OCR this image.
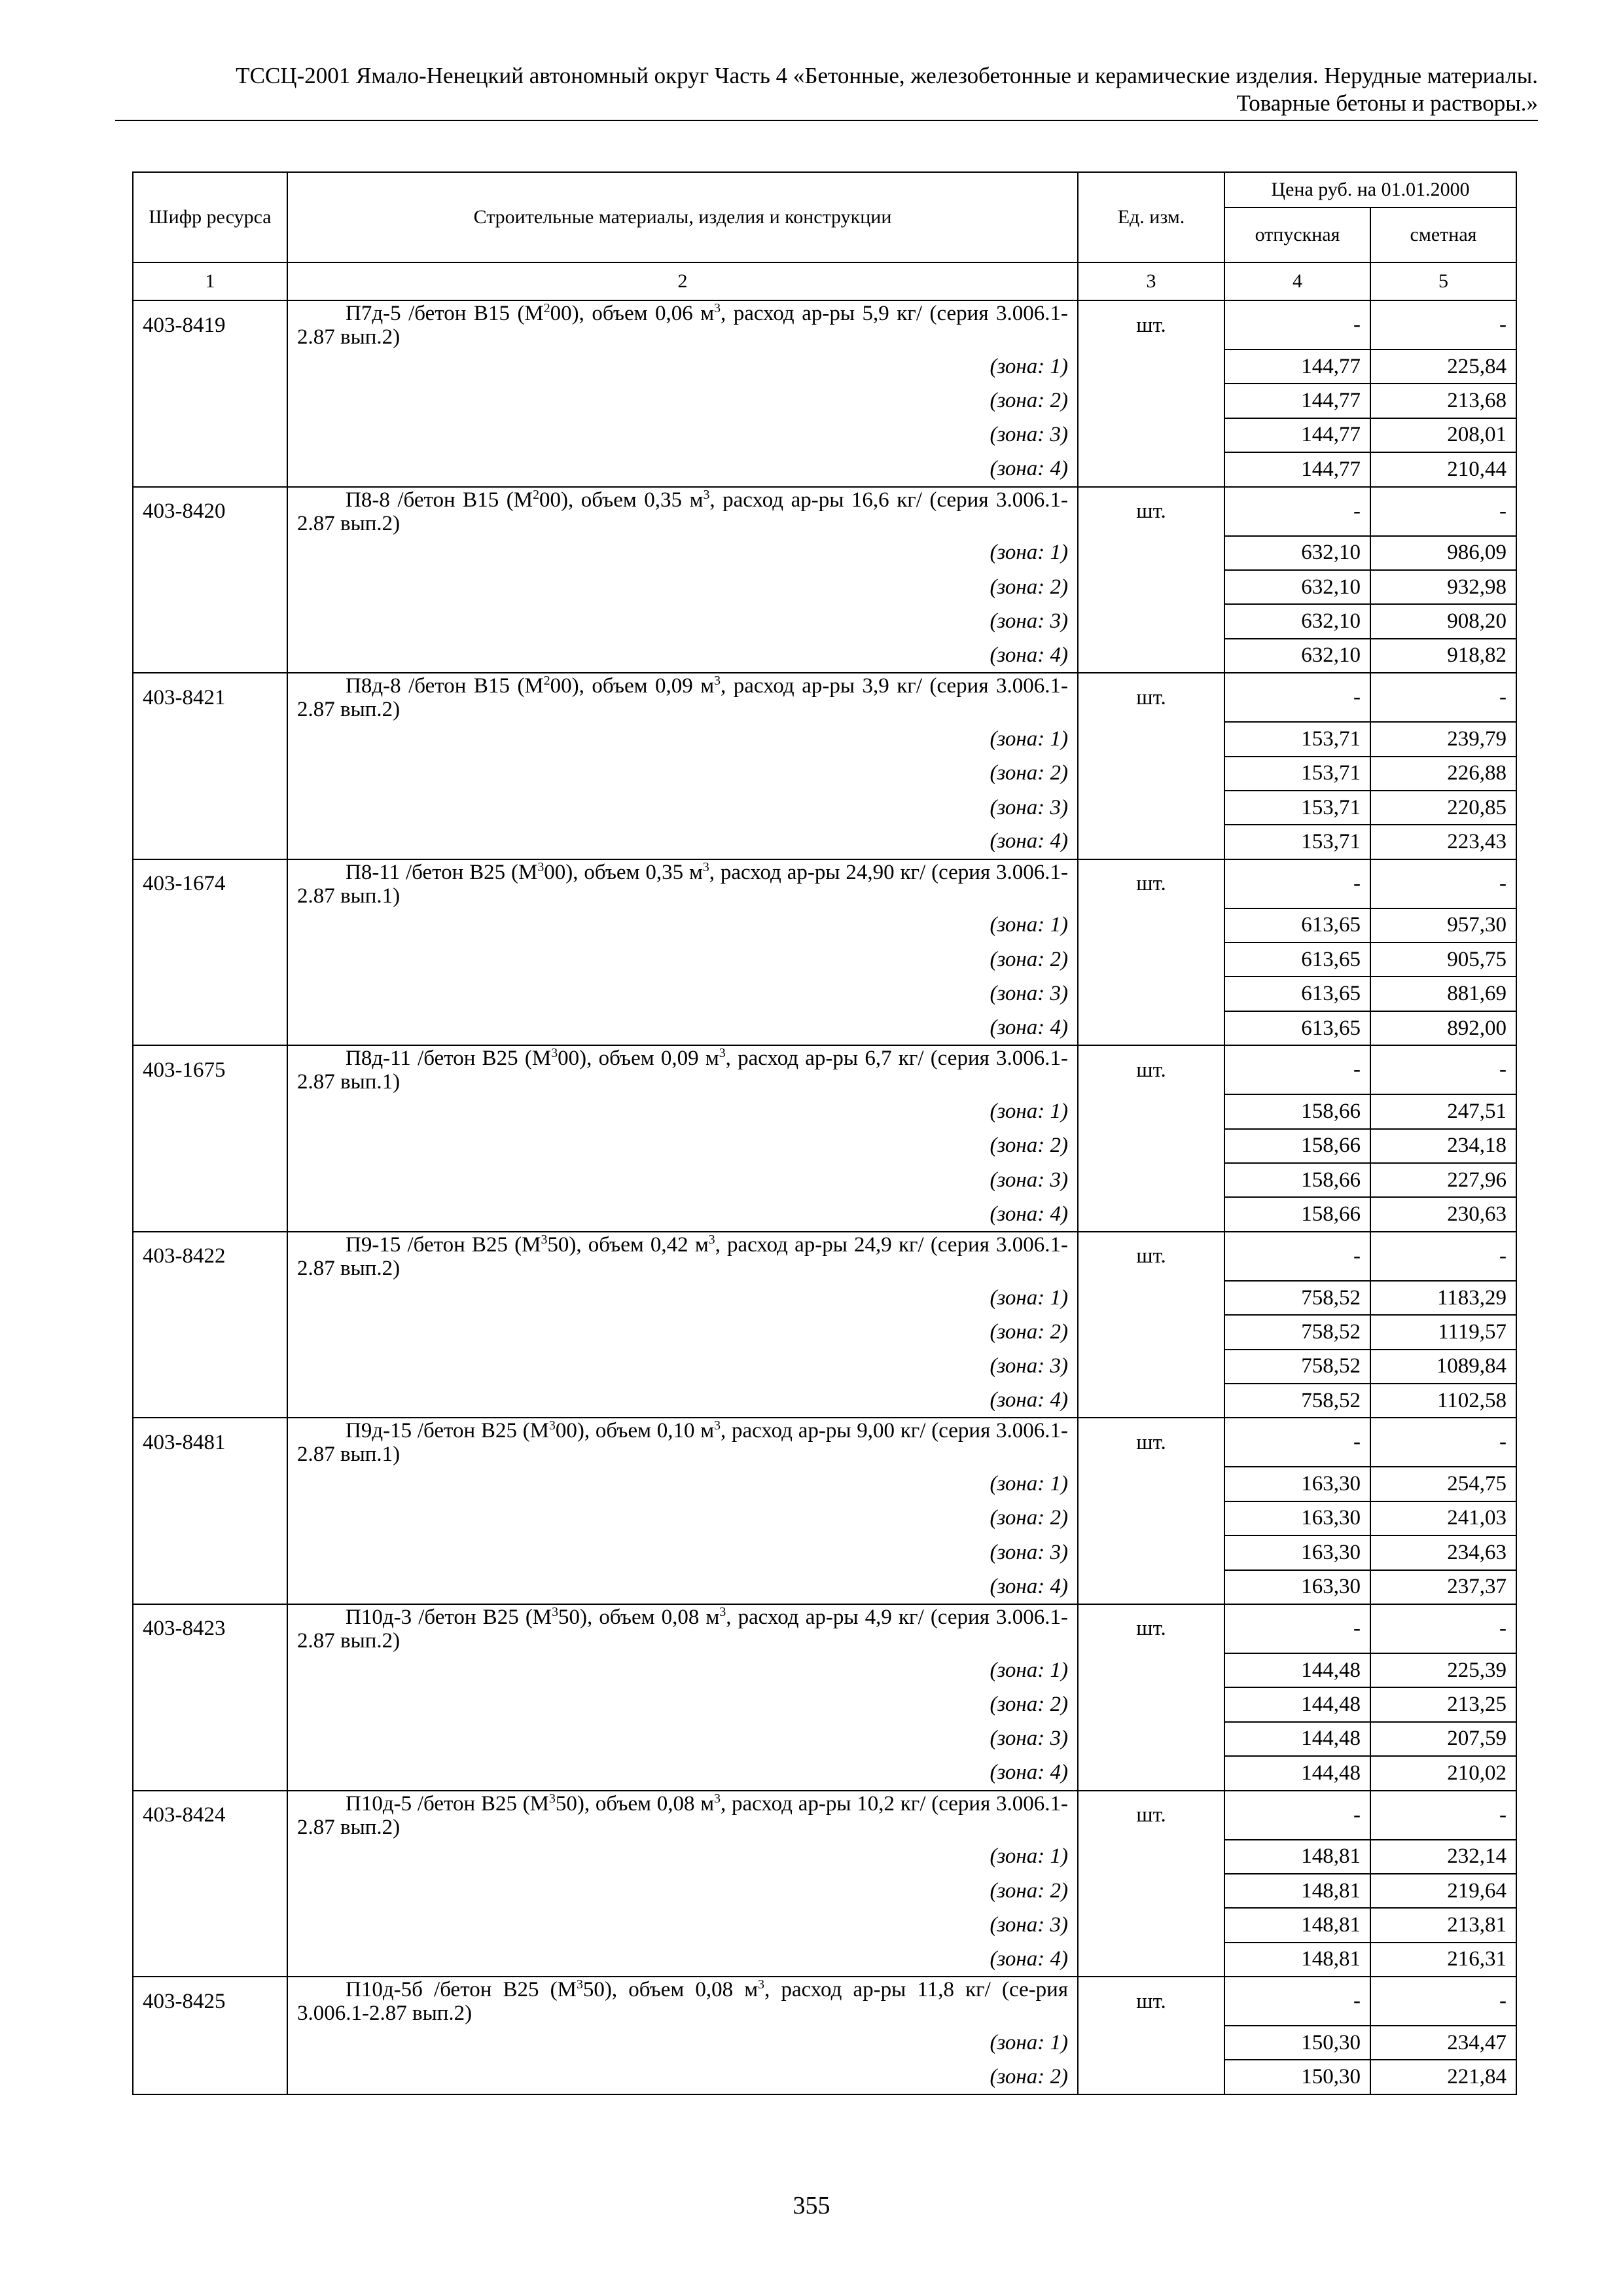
ТССЦ-2001 Ямало-Ненецкий автономный округ Часть 4 «Бетонные, железобетонные и керамические изделия. Нерудные материалы.
Товарные бетоны и растворы.»
Шифр ресурса	Строительные материалы, изделия и конструкции	Ед. изм.	Цена руб. на 01.01.2000	
			отпускная	сметная
1	2	3	4	5
403-8419	П7д-5 /бетон В15 $(М^200)$, объем 0,06 $м^3$, расход ар-ры 5,9 кг/ (серия 3.006.1-2.87 вып.2)	шт.	-	-
	(зона: 1)		144,77	225,84
	(зона: 2)		144,77	213,68
	(зона: 3)		144,77	208,01
	(зона: 4)		144,77	210,44
403-8420	П8-8 /бетон В15 $(М^200)$, объем 0,35 $м^3$, расход ар-ры 16,6 кг/ (серия 3.006.1-2.87 вып.2)	шт.	-	-
	(зона: 1)		632,10	986,09
	(зона: 2)		632,10	932,98
	(зона: 3)		632,10	908,20
	(зона: 4)		632,10	918,82
403-8421	П8д-8 /бетон В15 $(М^200)$, объем 0,09 $м^3$, расход ар-ры 3,9 кг/ (серия 3.006.1-2.87 вып.2)	шт.	-	-
	(зона: 1)		153,71	239,79
	(зона: 2)		153,71	226,88
	(зона: 3)		153,71	220,85
	(зона: 4)		153,71	223,43
403-1674	П8-11 /бетон В25 $(М^300)$, объем 0,35 $м^3$, расход ар-ры 24,90 кг/ (серия 3.006.1-2.87 вып.1)	шт.	-	-
	(зона: 1)		613,65	957,30
	(зона: 2)		613,65	905,75
	(зона: 3)		613,65	881,69
	(зона: 4)		613,65	892,00
403-1675	П8д-11 /бетон В25 $(М^300)$, объем 0,09 $м^3$, расход ар-ры 6,7 кг/ (серия 3.006.1-2.87 вып.1)	шт.	-	-
	(зона: 1)		158,66	247,51
	(зона: 2)		158,66	234,18
	(зона: 3)		158,66	227,96
	(зона: 4)		158,66	230,63
403-8422	П9-15 /бетон В25 $(М^350)$, объем 0,42 $м^3$, расход ар-ры 24,9 кг/ (серия 3.006.1-2.87 вып.2)	шт.	-	-
	(зона: 1)		758,52	1183,29
	(зона: 2)		758,52	1119,57
	(зона: 3)		758,52	1089,84
	(зона: 4)		758,52	1102,58
403-8481	П9д-15 /бетон В25 $(М^300)$, объем 0,10 $м^3$, расход ар-ры 9,00 кг/ (серия 3.006.1-2.87 вып.1)	шт.	-	-
	(зона: 1)		163,30	254,75
	(зона: 2)		163,30	241,03
	(зона: 3)		163,30	234,63
	(зона: 4)		163,30	237,37
403-8423	П10д-3 /бетон В25 $(М^350)$, объем 0,08 $м^3$, расход ар-ры 4,9 кг/ (серия 3.006.1-2.87 вып.2)	шт.	-	-
	(зона: 1)		144,48	225,39
	(зона: 2)		144,48	213,25
	(зона: 3)		144,48	207,59
	(зона: 4)		144,48	210,02
403-8424	П10д-5 /бетон В25 $(М^350)$, объем 0,08 $м^3$, расход ар-ры 10,2 кг/ (серия 3.006.1-2.87 вып.2)	шт.	-	-
	(зона: 1)		148,81	232,14
	(зона: 2)		148,81	219,64
	(зона: 3)		148,81	213,81
	(зона: 4)		148,81	216,31
403-8425	П10д-5б /бетон В25 $(М^350)$, объем 0,08 $м^3$, расход ар-ры 11,8 кг/ (се-рия 3.006.1-2.87 вып.2)	шт.	-	-
	(зона: 1)		150,30	234,47
	(зона: 2)		150,30	221,84
355
